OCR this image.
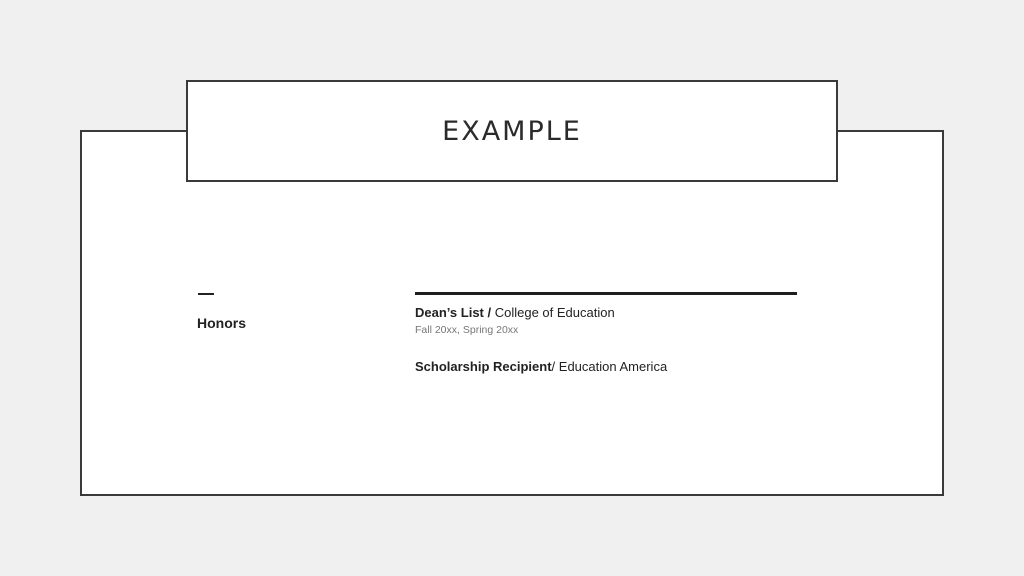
EXAMPLE
Honors
Dean’s List / College of Education
Fall 20xx, Spring 20xx
Scholarship Recipient/ Education America
